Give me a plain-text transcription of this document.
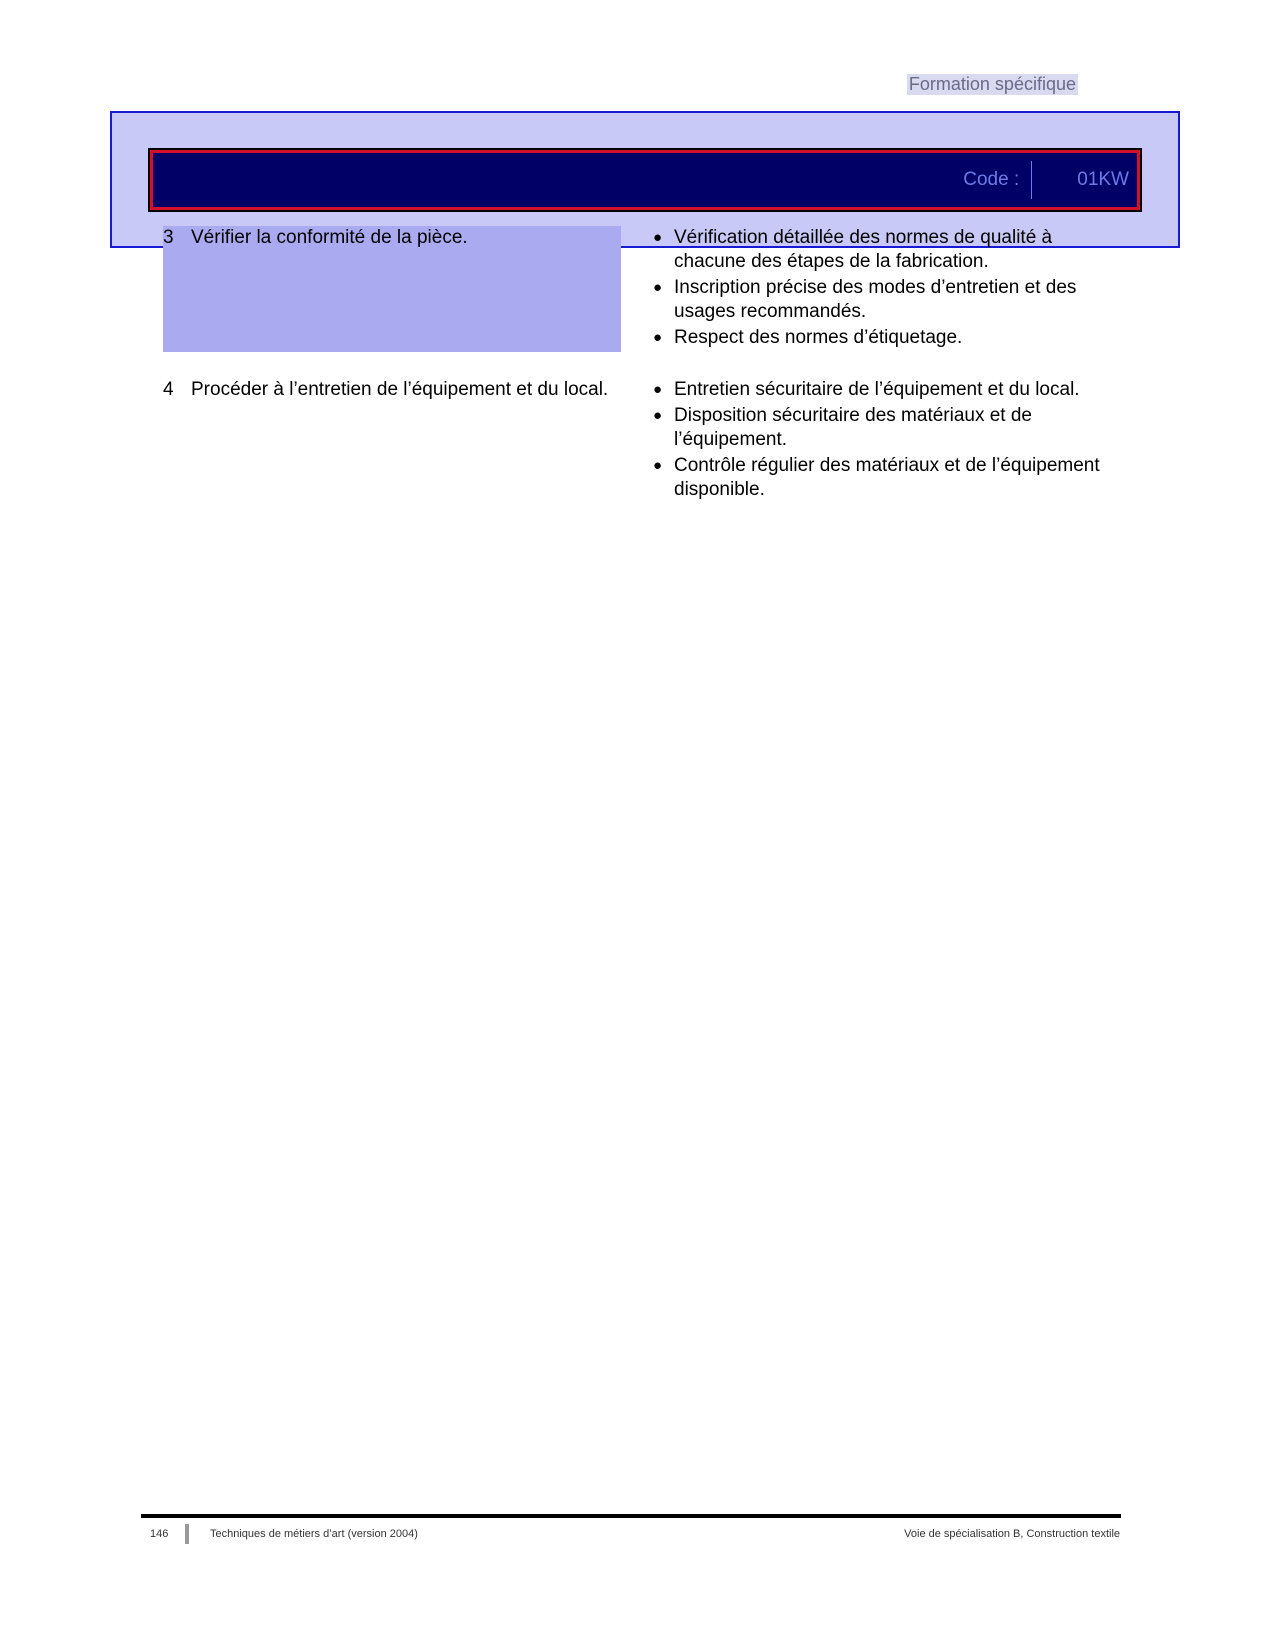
Formation spécifique
Code :	01KW
3 Vérifier la conformité de la pièce.	● Vérification détaillée des normes de qualité à chacune des étapes de la fabrication.
● Inscription précise des modes d’entretien et des usages recommandés.
● Respect des normes d’étiquetage.
4 Procéder à l’entretien de l’équipement et du local.	● Entretien sécuritaire de l’équipement et du local.
● Disposition sécuritaire des matériaux et de l’équipement.
● Contrôle régulier des matériaux et de l’équipement disponible.
146	Techniques de métiers d’art (version 2004)	Voie de spécialisation B, Construction textile
